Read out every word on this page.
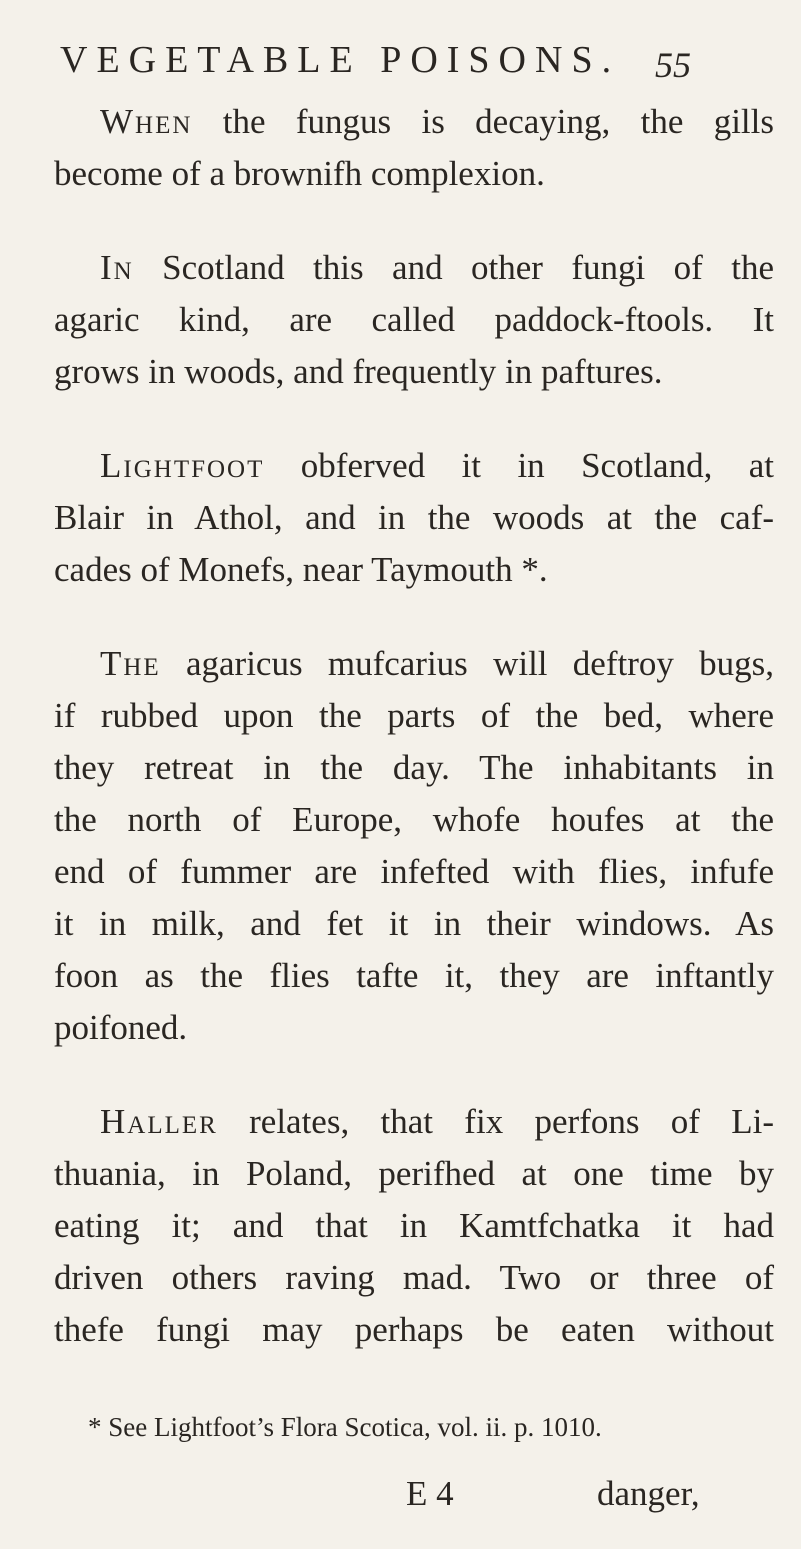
VEGETABLE POISONS. 55
When the fungus is decaying, the gills
become of a brownifh complexion.
In Scotland this and other fungi of the
agaric kind, are called paddock-ftools. It
grows in woods, and frequently in paftures.
Lightfoot obferved it in Scotland, at
Blair in Athol, and in the woods at the caf-
cades of Monefs, near Taymouth *.
The agaricus mufcarius will deftroy bugs,
if rubbed upon the parts of the bed, where
they retreat in the day. The inhabitants in
the north of Europe, whofe houfes at the
end of fummer are infefted with flies, infufe
it in milk, and fet it in their windows. As
foon as the flies tafte it, they are inftantly
poifoned.
Haller relates, that fix perfons of Li-
thuania, in Poland, perifhed at one time by
eating it; and that in Kamtfchatka it had
driven others raving mad. Two or three of
thefe fungi may perhaps be eaten without
* See Lightfoot’s Flora Scotica, vol. ii. p. 1010.
E 4	danger,
